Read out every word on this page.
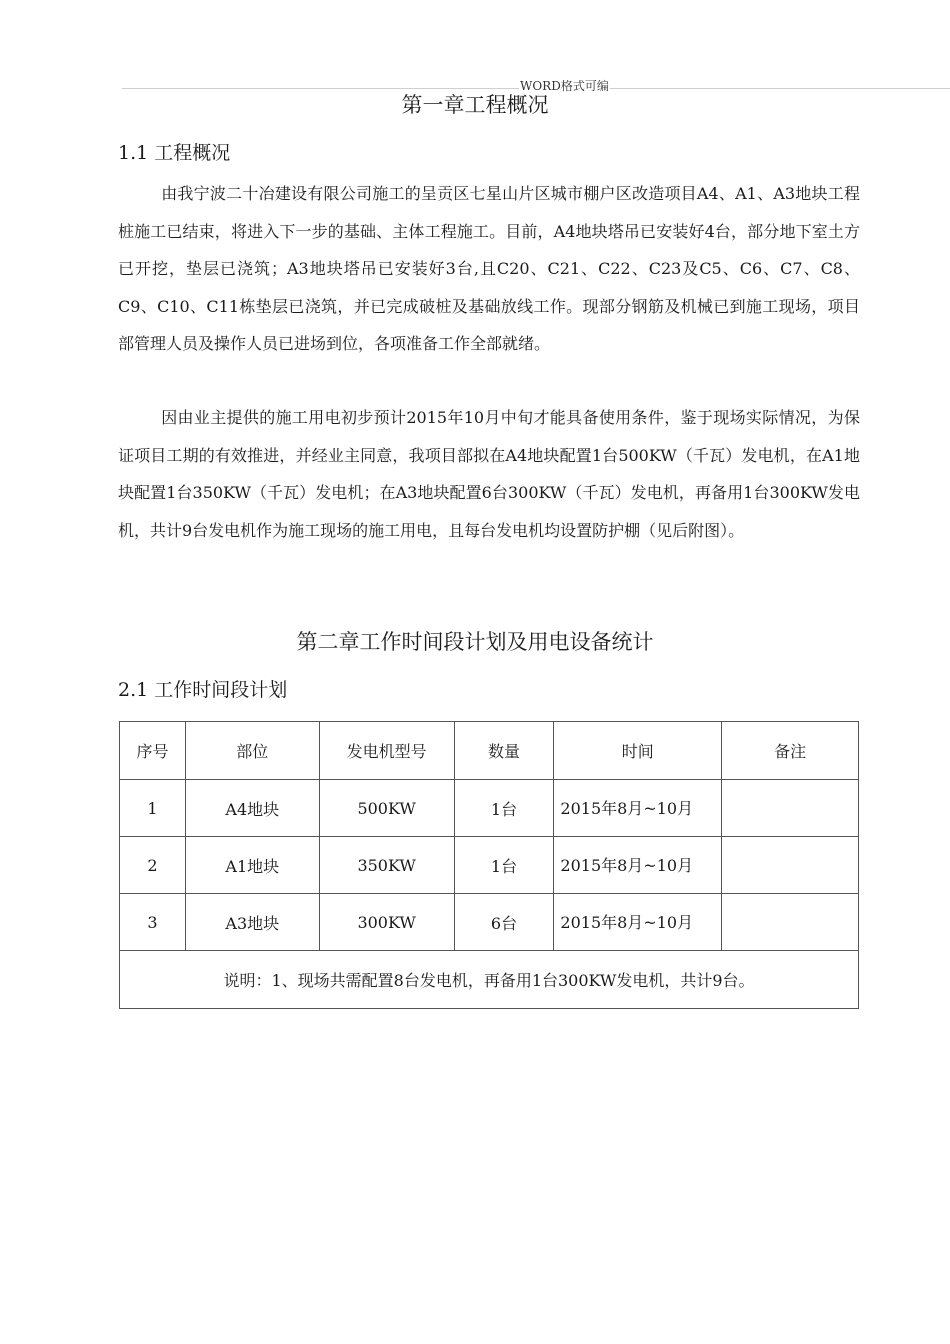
WORD格式可编
第一章工程概况
1.1 工程概况

由我宁波二十冶建设有限公司施工的呈贡区七星山片区城市棚户区改造项目A4、A1、A3地块工程桩施工已结束，将进入下一步的基础、主体工程施工。目前，A4地块塔吊已安装好4台，部分地下室土方已开挖，垫层已浇筑；A3地块塔吊已安装好3台,且C20、C21、C22、C23及C5、C6、C7、C8、C9、C10、C11栋垫层已浇筑，并已完成破桩及基础放线工作。现部分钢筋及机械已到施工现场，项目部管理人员及操作人员已进场到位，各项准备工作全部就绪。

因由业主提供的施工用电初步预计2015年10月中旬才能具备使用条件，鉴于现场实际情况，为保证项目工期的有效推进，并经业主同意，我项目部拟在A4地块配置1台500KW（千瓦）发电机，在A1地块配置1台350KW（千瓦）发电机；在A3地块配置6台300KW（千瓦）发电机，再备用1台300KW发电机，共计9台发电机作为施工现场的施工用电，且每台发电机均设置防护棚（见后附图）。

第二章工作时间段计划及用电设备统计
2.1 工作时间段计划
序号	部位	发电机型号	数量	时间	备注
1	A4地块	500KW	1台	2015年8月~10月	
2	A1地块	350KW	1台	2015年8月~10月	
3	A3地块	300KW	6台	2015年8月~10月	
说明：1、现场共需配置8台发电机，再备用1台300KW发电机，共计9台。					
